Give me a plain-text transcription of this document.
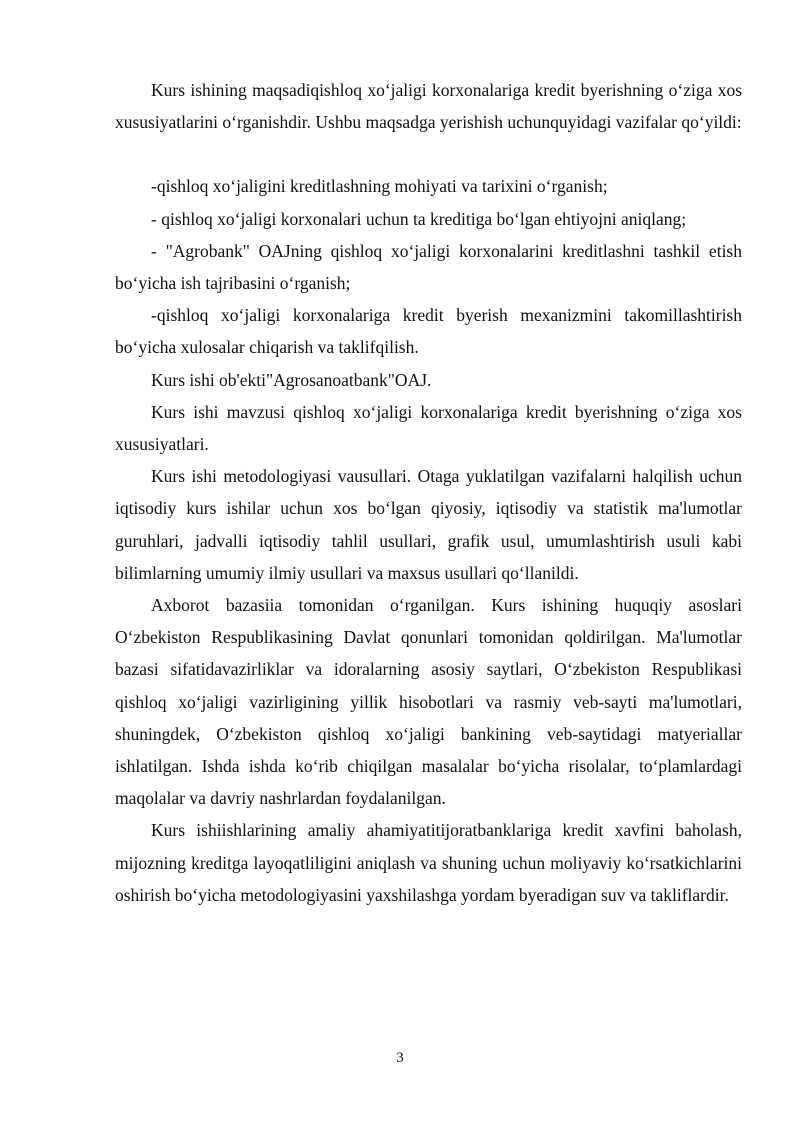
Kurs ishining maqsadiqishloq xo‘jaligi korxonalariga kredit byerishning o‘ziga xos xususiyatlarini o‘rganishdir. Ushbu maqsadga yerishish uchunquyidagi vazifalar qo‘yildi:

-qishloq xo‘jaligini kreditlashning mohiyati va tarixini o‘rganish;

- qishloq xo‘jaligi korxonalari uchun ta kreditiga bo‘lgan ehtiyojni aniqlang;

- "Agrobank" OAJning qishloq xo‘jaligi korxonalarini kreditlashni tashkil etish bo‘yicha ish tajribasini o‘rganish;

-qishloq xo‘jaligi korxonalariga kredit byerish mexanizmini takomillashtirish bo‘yicha xulosalar chiqarish va taklifqilish.

Kurs ishi ob'ekti"Agrosanoatbank"OAJ.

Kurs ishi mavzusi qishloq xo‘jaligi korxonalariga kredit byerishning o‘ziga xos xususiyatlari.

Kurs ishi metodologiyasi vausullari. Otaga yuklatilgan vazifalarni halqilish uchun iqtisodiy kurs ishilar uchun xos bo‘lgan qiyosiy, iqtisodiy va statistik ma'lumotlar guruhlari, jadvalli iqtisodiy tahlil usullari, grafik usul, umumlashtirish usuli kabi bilimlarning umumiy ilmiy usullari va maxsus usullari qo‘llanildi.

Axborot bazasiia tomonidan o‘rganilgan. Kurs ishining huquqiy asoslari O‘zbekiston Respublikasining Davlat qonunlari tomonidan qoldirilgan. Ma'lumotlar bazasi sifatidavazirliklar va idoralarning asosiy saytlari, O‘zbekiston Respublikasi qishloq xo‘jaligi vazirligining yillik hisobotlari va rasmiy veb-sayti ma'lumotlari, shuningdek, O‘zbekiston qishloq xo‘jaligi bankining veb-saytidagi matyeriallar ishlatilgan. Ishda ishda ko‘rib chiqilgan masalalar bo‘yicha risolalar, to‘plamlardagi maqolalar va davriy nashrlardan foydalanilgan.

Kurs ishiishlarining amaliy ahamiyatitijoratbanklariga kredit xavfini baholash, mijozning kreditga layoqatliligini aniqlash va shuning uchun moliyaviy ko‘rsatkichlarini oshirish bo‘yicha metodologiyasini yaxshilashga yordam byeradigan suv va takliflardir.

3
